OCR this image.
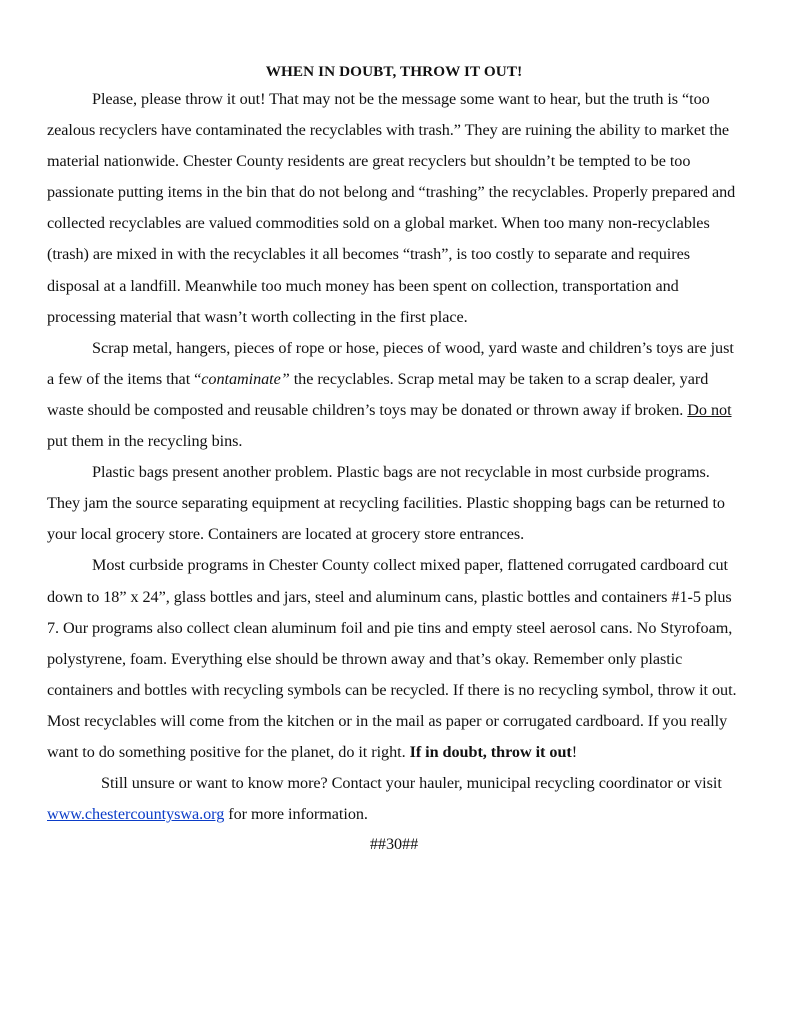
WHEN IN DOUBT, THROW IT OUT!

Please, please throw it out! That may not be the message some want to hear, but the truth is “too zealous recyclers have contaminated the recyclables with trash.” They are ruining the ability to market the material nationwide. Chester County residents are great recyclers but shouldn’t be tempted to be too passionate putting items in the bin that do not belong and “trashing” the recyclables. Properly prepared and collected recyclables are valued commodities sold on a global market. When too many non-recyclables (trash) are mixed in with the recyclables it all becomes “trash”, is too costly to separate and requires disposal at a landfill. Meanwhile too much money has been spent on collection, transportation and processing material that wasn’t worth collecting in the first place.

Scrap metal, hangers, pieces of rope or hose, pieces of wood, yard waste and children’s toys are just a few of the items that “contaminate” the recyclables. Scrap metal may be taken to a scrap dealer, yard waste should be composted and reusable children’s toys may be donated or thrown away if broken. Do not put them in the recycling bins.

Plastic bags present another problem. Plastic bags are not recyclable in most curbside programs. They jam the source separating equipment at recycling facilities. Plastic shopping bags can be returned to your local grocery store. Containers are located at grocery store entrances.

Most curbside programs in Chester County collect mixed paper, flattened corrugated cardboard cut down to 18” x 24”, glass bottles and jars, steel and aluminum cans, plastic bottles and containers #1-5 plus 7. Our programs also collect clean aluminum foil and pie tins and empty steel aerosol cans. No Styrofoam, polystyrene, foam. Everything else should be thrown away and that’s okay. Remember only plastic containers and bottles with recycling symbols can be recycled. If there is no recycling symbol, throw it out. Most recyclables will come from the kitchen or in the mail as paper or corrugated cardboard. If you really want to do something positive for the planet, do it right. If in doubt, throw it out!

Still unsure or want to know more? Contact your hauler, municipal recycling coordinator or visit www.chestercountyswa.org for more information.

##30##
